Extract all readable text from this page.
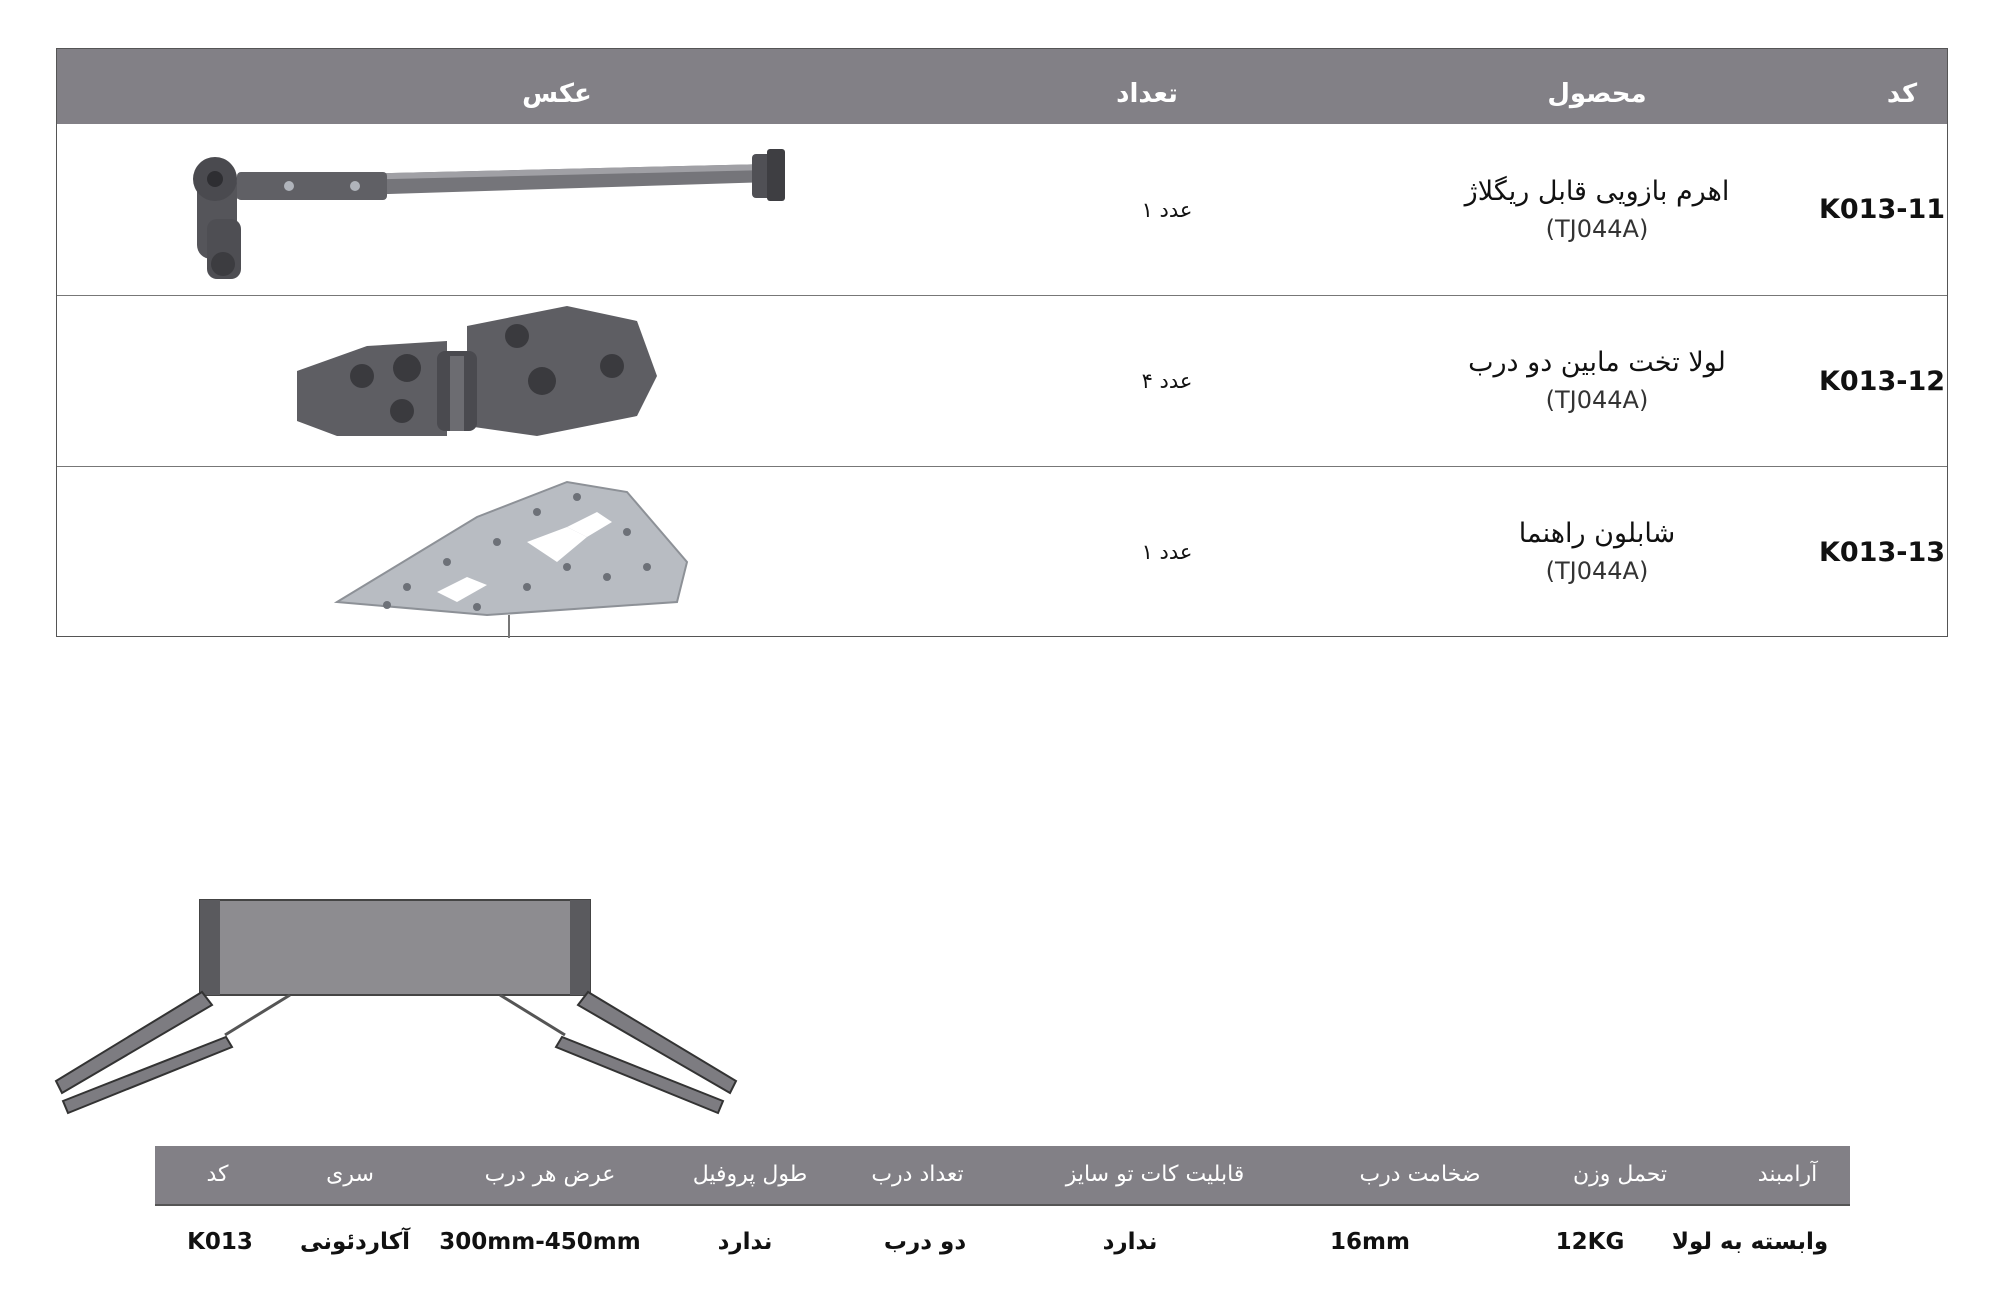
کد
محصول
تعداد
عکس
K013-11
اهرم بازویی قابل ریگلاژ
(TJ044A)
۱ عدد
K013-12
لولا تخت مابین دو درب
(TJ044A)
۴ عدد
K013-13
شابلون راهنما
(TJ044A)
۱ عدد
آرامبند
تحمل وزن
ضخامت درب
قابلیت کات تو سایز
تعداد درب
طول پروفیل
عرض هر درب
سری
کد
وابسته به لولا
12KG
16mm
ندارد
دو درب
ندارد
300mm-450mm
آکاردئونی
K013
